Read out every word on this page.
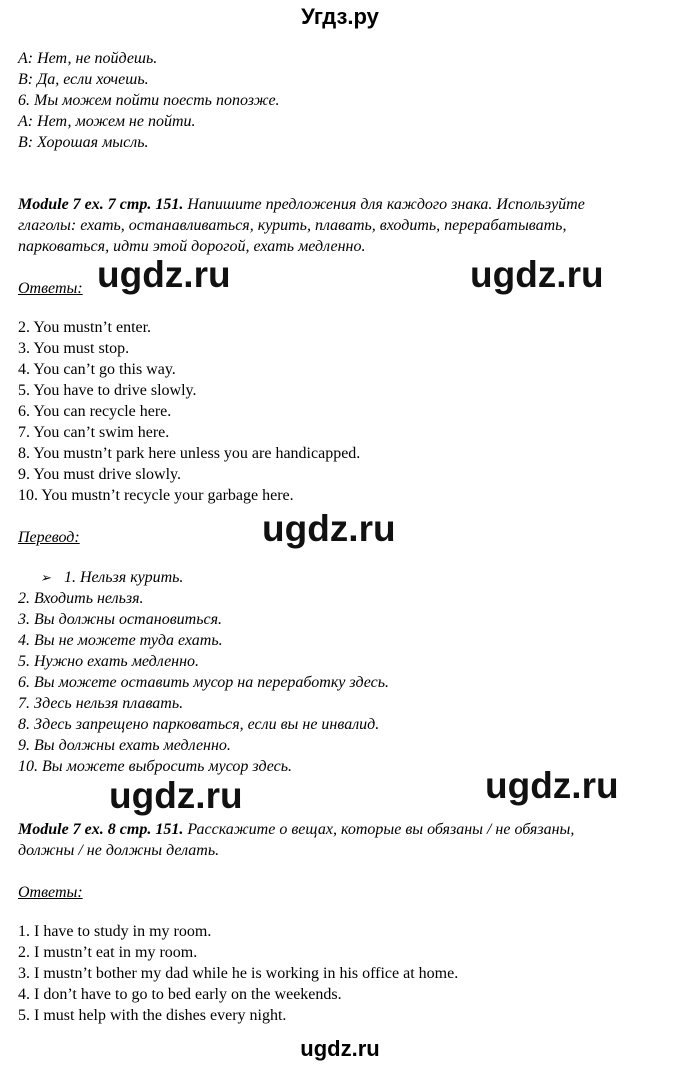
Угдз.ру
А: Нет, не пойдешь.
В: Да, если хочешь.
6. Мы можем пойти поесть попозже.
А: Нет, можем не пойти.
В: Хорошая мысль.
Module 7 ex. 7 стр. 151. Напишите предложения для каждого знака. Используйте
глаголы: ехать, останавливаться, курить, плавать, входить, перерабатывать,
парковаться, идти этой дорогой, ехать медленно.
Ответы:
2. You mustn’t enter.
3. You must stop.
4. You can’t go this way.
5. You have to drive slowly.
6. You can recycle here.
7. You can’t swim here.
8. You mustn’t park here unless you are handicapped.
9. You must drive slowly.
10. You mustn’t recycle your garbage here.
Перевод:
➢ 1. Нельзя курить.
2. Входить нельзя.
3. Вы должны остановиться.
4. Вы не можете туда ехать.
5. Нужно ехать медленно.
6. Вы можете оставить мусор на переработку здесь.
7. Здесь нельзя плавать.
8. Здесь запрещено парковаться, если вы не инвалид.
9. Вы должны ехать медленно.
10. Вы можете выбросить мусор здесь.
Module 7 ex. 8 стр. 151. Расскажите о вещах, которые вы обязаны / не обязаны,
должны / не должны делать.
Ответы:
1. I have to study in my room.
2. I mustn’t eat in my room.
3. I mustn’t bother my dad while he is working in his office at home.
4. I don’t have to go to bed early on the weekends.
5. I must help with the dishes every night.
ugdz.ru	ugdz.ru
ugdz.ru
ugdz.ru
ugdz.ru
ugdz.ru
